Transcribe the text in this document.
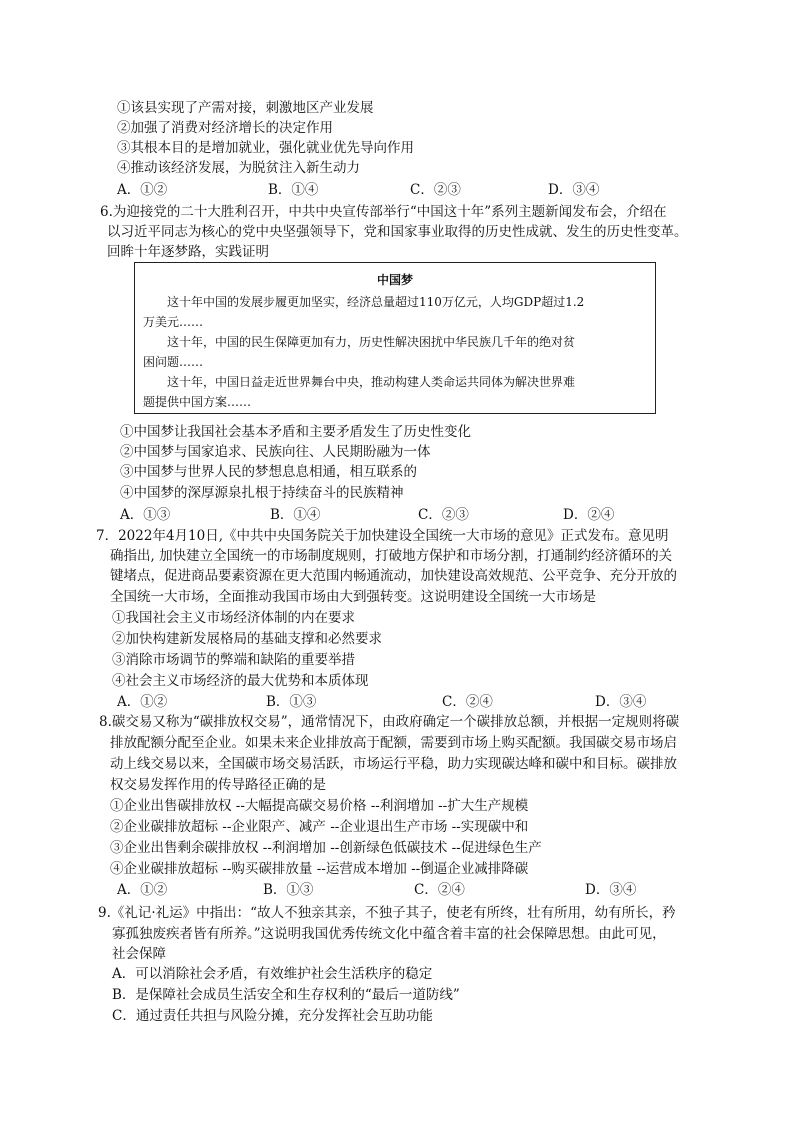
①该县实现了产需对接，刺激地区产业发展
②加强了消费对经济增长的决定作用
③其根本目的是增加就业，强化就业优先导向作用
④推动该经济发展，为脱贫注入新生动力
A．①②	B．①④	C．②③	D．③④
6.为迎接党的二十大胜利召开，中共中央宣传部举行“中国这十年”系列主题新闻发布会，介绍在
以习近平同志为核心的党中央坚强领导下，党和国家事业取得的历史性成就、发生的历史性变革。
回眸十年逐梦路，实践证明
中国梦
这十年中国的发展步履更加坚实，经济总量超过110万亿元，人均GDP超过1.2
万美元……
这十年，中国的民生保障更加有力，历史性解决困扰中华民族几千年的绝对贫
困问题……
这十年，中国日益走近世界舞台中央，推动构建人类命运共同体为解决世界难
题提供中国方案……
①中国梦让我国社会基本矛盾和主要矛盾发生了历史性变化
②中国梦与国家追求、民族向往、人民期盼融为一体
③中国梦与世界人民的梦想息息相通，相互联系的
④中国梦的深厚源泉扎根于持续奋斗的民族精神
A．①③	B．①④	C．②③	D．②④
7．2022年4月10日,《中共中央国务院关于加快建设全国统一大市场的意见》正式发布。意见明
确指出, 加快建立全国统一的市场制度规则，打破地方保护和市场分割，打通制约经济循环的关
键堵点，促进商品要素资源在更大范围内畅通流动，加快建设高效规范、公平竞争、充分开放的
全国统一大市场，全面推动我国市场由大到强转变。这说明建设全国统一大市场是
①我国社会主义市场经济体制的内在要求
②加快构建新发展格局的基础支撑和必然要求
③消除市场调节的弊端和缺陷的重要举措
④社会主义市场经济的最大优势和本质体现
A．①②	B．①③	C．②④	D．③④
8.碳交易又称为“碳排放权交易”，通常情况下，由政府确定一个碳排放总额，并根据一定规则将碳
排放配额分配至企业。如果未来企业排放高于配额，需要到市场上购买配额。我国碳交易市场启
动上线交易以来，全国碳市场交易活跃，市场运行平稳，助力实现碳达峰和碳中和目标。碳排放
权交易发挥作用的传导路径正确的是
①企业出售碳排放权 --大幅提高碳交易价格 --利润增加 --扩大生产规模
②企业碳排放超标 --企业限产、减产 --企业退出生产市场 --实现碳中和
③企业出售剩余碳排放权 --利润增加 --创新绿色低碳技术 --促进绿色生产
④企业碳排放超标 --购买碳排放量 --运营成本增加 --倒逼企业减排降碳
A．①②	B．①③	C．②④	D．③④
9.《礼记·礼运》中指出：“故人不独亲其亲，不独子其子，使老有所终，壮有所用，幼有所长，矜
寡孤独废疾者皆有所养。”这说明我国优秀传统文化中蕴含着丰富的社会保障思想。由此可见，
社会保障
A．可以消除社会矛盾，有效维护社会生活秩序的稳定
B．是保障社会成员生活安全和生存权利的“最后一道防线”
C．通过责任共担与风险分摊，充分发挥社会互助功能
